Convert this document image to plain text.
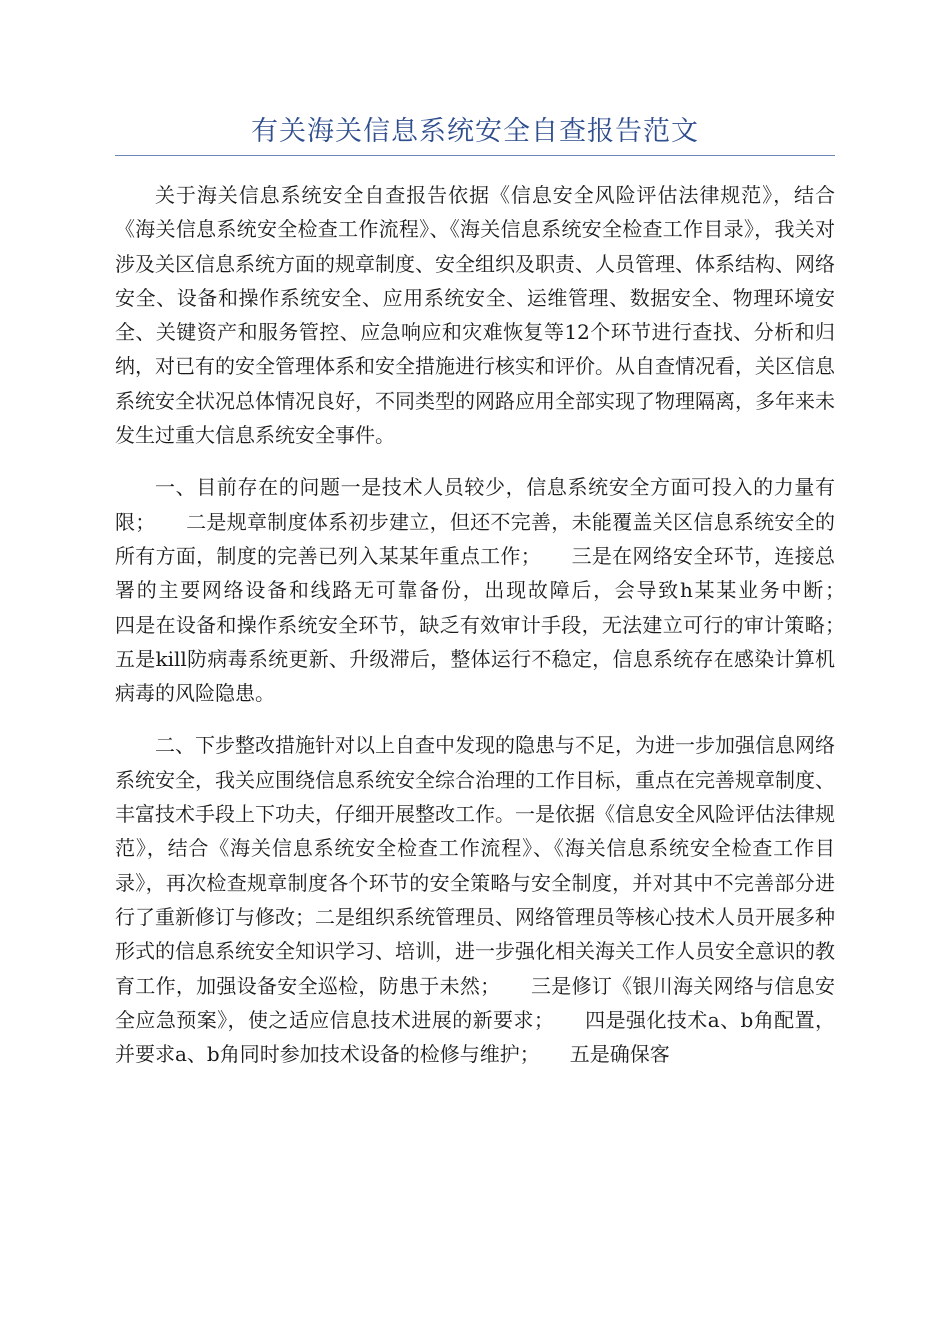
有关海关信息系统安全自查报告范文

关于海关信息系统安全自查报告依据《信息安全风险评估法律规范》，结合《海关信息系统安全检查工作流程》、《海关信息系统安全检查工作目录》，我关对涉及关区信息系统方面的规章制度、安全组织及职责、人员管理、体系结构、网络安全、设备和操作系统安全、应用系统安全、运维管理、数据安全、物理环境安全、关键资产和服务管控、应急响应和灾难恢复等12个环节进行查找、分析和归纳，对已有的安全管理体系和安全措施进行核实和评价。从自查情况看，关区信息系统安全状况总体情况良好，不同类型的网路应用全部实现了物理隔离，多年来未发生过重大信息系统安全事件。

一、目前存在的问题一是技术人员较少，信息系统安全方面可投入的力量有限；　　二是规章制度体系初步建立，但还不完善，未能覆盖关区信息系统安全的所有方面，制度的完善已列入某某年重点工作；　　三是在网络安全环节，连接总署的主要网络设备和线路无可靠备份，出现故障后，会导致h某某业务中断；　　四是在设备和操作系统安全环节，缺乏有效审计手段，无法建立可行的审计策略；　　五是kill防病毒系统更新、升级滞后，整体运行不稳定，信息系统存在感染计算机病毒的风险隐患。

二、下步整改措施针对以上自查中发现的隐患与不足，为进一步加强信息网络系统安全，我关应围绕信息系统安全综合治理的工作目标，重点在完善规章制度、丰富技术手段上下功夫，仔细开展整改工作。一是依据《信息安全风险评估法律规范》，结合《海关信息系统安全检查工作流程》、《海关信息系统安全检查工作目录》，再次检查规章制度各个环节的安全策略与安全制度，并对其中不完善部分进行了重新修订与修改；二是组织系统管理员、网络管理员等核心技术人员开展多种形式的信息系统安全知识学习、培训，进一步强化相关海关工作人员安全意识的教育工作，加强设备安全巡检，防患于未然；　　三是修订《银川海关网络与信息安全应急预案》，使之适应信息技术进展的新要求；　　四是强化技术a、b角配置，并要求a、b角同时参加技术设备的检修与维护；　　五是确保客
